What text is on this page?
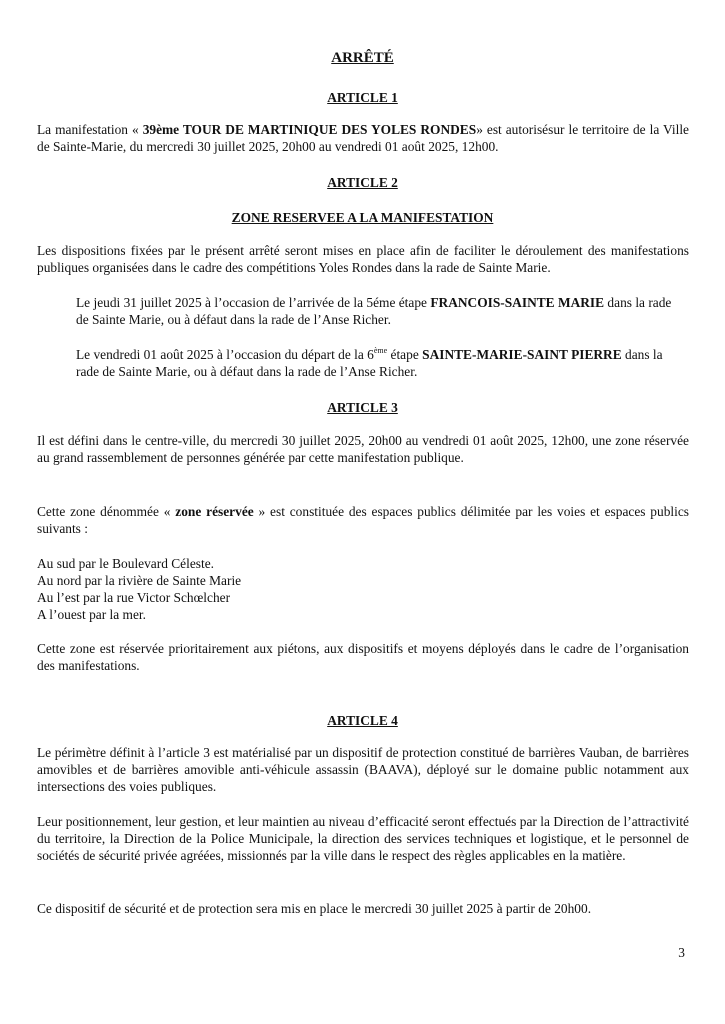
ARRÊTÉ
ARTICLE 1

La manifestation « 39ème TOUR DE MARTINIQUE DES YOLES RONDES» est autorisésur le territoire de la Ville de Sainte-Marie, du mercredi 30 juillet 2025, 20h00 au vendredi 01 août 2025, 12h00.

ARTICLE 2
ZONE RESERVEE A LA MANIFESTATION

Les dispositions fixées par le présent arrêté seront mises en place afin de faciliter le déroulement des manifestations publiques organisées dans le cadre des compétitions Yoles Rondes dans la rade de Sainte Marie.

Le jeudi 31 juillet 2025 à l’occasion de l’arrivée de la 5éme étape FRANCOIS-SAINTE MARIE dans la rade de Sainte Marie, ou à défaut dans la rade de l’Anse Richer.

Le vendredi 01 août 2025 à l’occasion du départ de la 6ème étape SAINTE-MARIE-SAINT PIERRE dans la rade de Sainte Marie, ou à défaut dans la rade de l’Anse Richer.

ARTICLE 3

Il est défini dans le centre-ville, du mercredi 30 juillet 2025, 20h00 au vendredi 01 août 2025, 12h00, une zone réservée au grand rassemblement de personnes générée par cette manifestation publique.

Cette zone dénommée « zone réservée » est constituée des espaces publics délimitée par les voies et espaces publics suivants :

Au sud par le Boulevard Céleste.
Au nord par la rivière de Sainte Marie
Au l’est par la rue Victor Schœlcher
A l’ouest par la mer.

Cette zone est réservée prioritairement aux piétons, aux dispositifs et moyens déployés dans le cadre de l’organisation des manifestations.

ARTICLE 4

Le périmètre définit à l’article 3 est matérialisé par un dispositif de protection constitué de barrières Vauban, de barrières amovibles et de barrières amovible anti-véhicule assassin (BAAVA), déployé sur le domaine public notamment aux intersections des voies publiques.

Leur positionnement, leur gestion, et leur maintien au niveau d’efficacité seront effectués par la Direction de l’attractivité du territoire, la Direction de la Police Municipale, la direction des services techniques et logistique, et le personnel de sociétés de sécurité privée agréées, missionnés par la ville dans le respect des règles applicables en la matière.

Ce dispositif de sécurité et de protection sera mis en place le mercredi 30 juillet 2025 à partir de 20h00.

3
